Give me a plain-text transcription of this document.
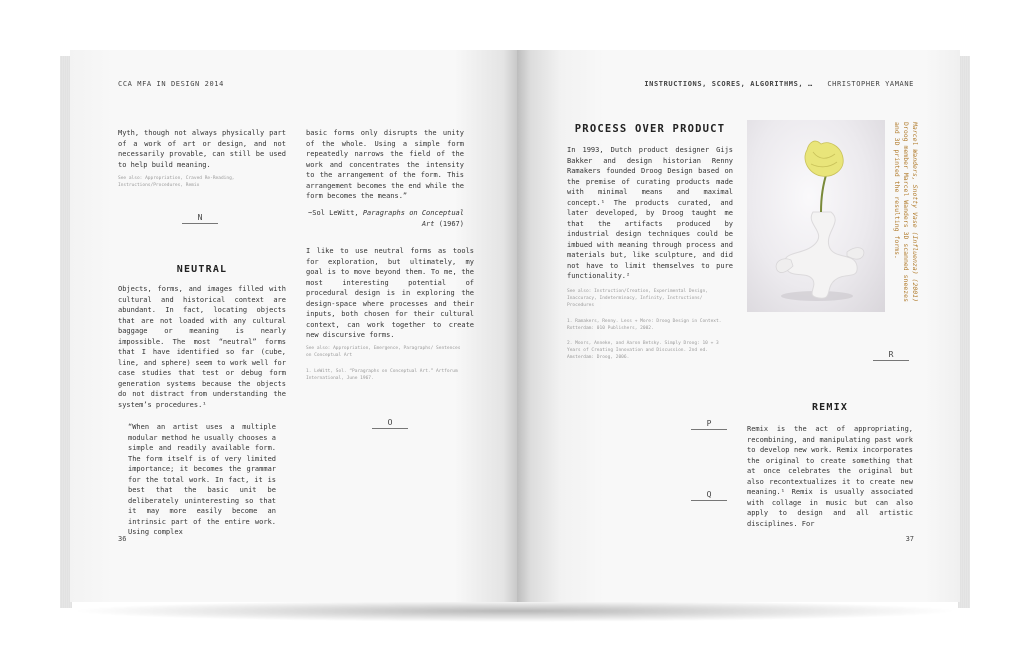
CCA MFA IN DESIGN 2014
Myth, though not always physically part of a work of art or design, and not necessarily provable, can still be used to help build meaning.
See also: Appropriation, Craved Re-Reading, Instructions/Procedures, Remix
N
NEUTRAL
Objects, forms, and images filled with cultural and historical context are abundant. In fact, locating objects that are not loaded with any cultural baggage or meaning is nearly impossible. The most “neutral” forms that I have identified so far (cube, line, and sphere) seem to work well for case studies that test or debug form generation systems because the objects do not distract from understanding the system’s procedures.¹
“When an artist uses a multiple modular method he usually chooses a simple and readily available form. The form itself is of very limited importance; it becomes the grammar for the total work. In fact, it is best that the basic unit be deliberately uninteresting so that it may more easily become an intrinsic part of the entire work. Using complex
basic forms only disrupts the unity of the whole. Using a simple form repeatedly narrows the field of the work and concentrates the intensity to the arrangement of the form. This arrangement becomes the end while the form becomes the means.”
~Sol LeWitt, Paragraphs on Conceptual Art (1967)
I like to use neutral forms as tools for exploration, but ultimately, my goal is to move beyond them. To me, the most interesting potential of procedural design is in exploring the design-space where processes and their inputs, both chosen for their cultural context, can work together to create new discursive forms.
See also: Appropriation, Emergence, Paragraphs/ Sentences on Conceptual Art
1. LeWitt, Sol. “Paragraphs on Conceptual Art.” Artforum International, June 1967.
O
36
INSTRUCTIONS, SCORES, ALGORITHMS, … CHRISTOPHER YAMANE
PROCESS OVER PRODUCT
In 1993, Dutch product designer Gijs Bakker and design historian Renny Ramakers founded Droog Design based on the premise of curating products made with minimal means and maximal concept.¹ The products curated, and later developed, by Droog taught me that the artifacts produced by industrial design techniques could be imbued with meaning through process and materials but, like sculpture, and did not have to limit themselves to pure functionality.²
See also: Instruction/Creation, Experimental Design, Inaccuracy, Indeterminacy, Infinity, Instructions/ Procedures
1. Ramakers, Renny. Less + More: Droog Design in Context. Rotterdam: 010 Publishers, 2002.
2. Moors, Anneke, and Aaron Betsky. Simply Droog: 10 + 3 Years of Creating Innovation and Discussion. 2nd ed. Amsterdam: Droog, 2006.
Marcel Wanders, Snotty Vase (Influenza) (2001)
Droog member Marcel Wanders 3D scanned sneezes and 3D printed the resulting forms.
R
P
Q
REMIX
Remix is the act of appropriating, recombining, and manipulating past work to develop new work. Remix incorporates the original to create something that at once celebrates the original but also recontextualizes it to create new meaning.¹ Remix is usually associated with collage in music but can also apply to design and all artistic disciplines. For
37
